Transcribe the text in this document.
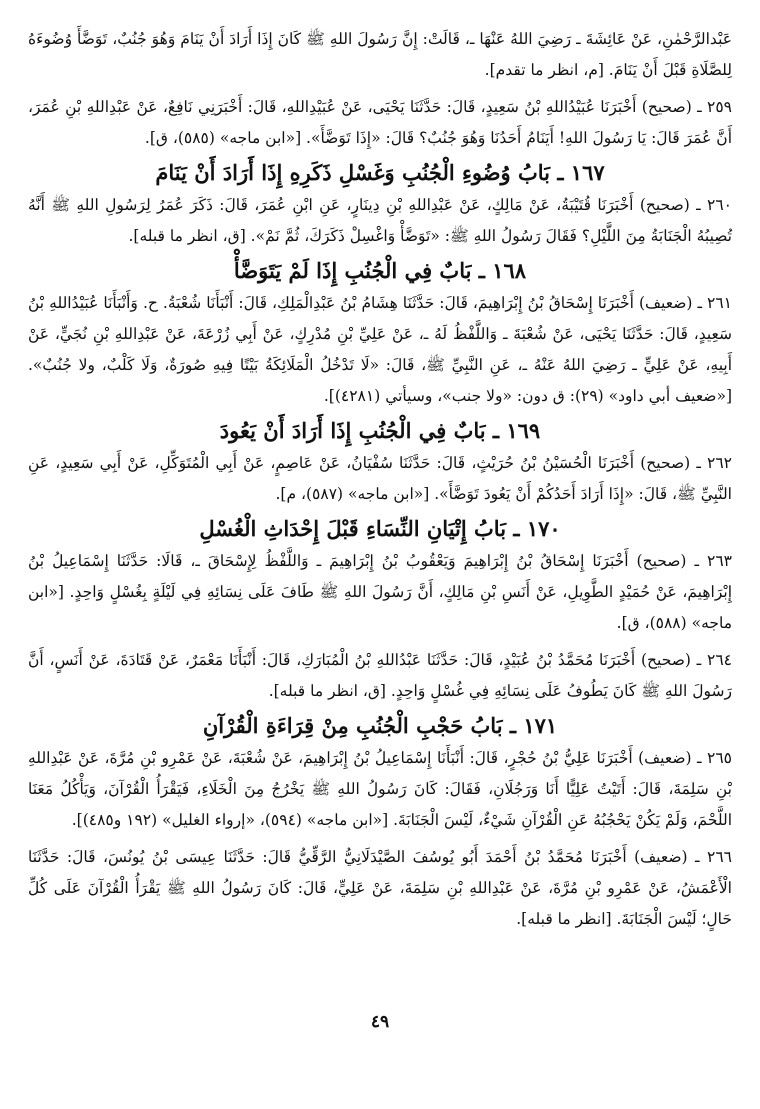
عَبْدالرَّحْمٰنِ، عَنْ عَائِشَةَ ـ رَضِيَ اللهُ عَنْهَا ـ، قَالَتْ: إِنَّ رَسُولَ اللهِ ﷺ كَانَ إِذَا أَرَادَ أَنْ يَنَامَ وَهُوَ جُنُبٌ، تَوَضَّأَ وُضُوءَهُ لِلصَّلَاةِ قَبْلَ أَنْ يَنَامَ. [م، انظر ما تقدم].

٢٥٩ ـ (صحيح) أَخْبَرَنَا عُبَيْدُاللهِ بْنُ سَعِيدٍ، قَالَ: حَدَّثَنَا يَحْيَى، عَنْ عُبَيْدِاللهِ، قَالَ: أَخْبَرَنِي نَافِعٌ، عَنْ عَبْدِاللهِ بْنِ عُمَرَ، أَنَّ عُمَرَ قَالَ: يَا رَسُولَ اللهِ! أَيَنَامُ أَحَدُنَا وَهُوَ جُنُبٌ؟ قَالَ: «إِذَا تَوَضَّأَ». [«ابن ماجه» (٥٨٥)، ق].

١٦٧ ـ بَابُ وُضُوءِ الْجُنُبِ وَغَسْلِ ذَكَرِهِ إِذَا أَرَادَ أَنْ يَنَامَ

٢٦٠ ـ (صحيح) أَخْبَرَنَا قُتَيْبَةُ، عَنْ مَالِكٍ، عَنْ عَبْدِاللهِ بْنِ دِينَارٍ، عَنِ ابْنِ عُمَرَ، قَالَ: ذَكَرَ عُمَرُ لِرَسُولِ اللهِ ﷺ أَنَّهُ تُصِيبُهُ الْجَنَابَةُ مِنَ اللَّيْلِ؟ فَقَالَ رَسُولُ اللهِ ﷺ: «تَوَضَّأْ وَاغْسِلْ ذَكَرَكَ، ثُمَّ نَمْ». [ق، انظر ما قبله].

١٦٨ ـ بَابٌ فِي الْجُنُبِ إِذَا لَمْ يَتَوَضَّأْ

٢٦١ ـ (ضعيف) أَخْبَرَنَا إِسْحَاقُ بْنُ إِبْرَاهِيمَ، قَالَ: حَدَّثَنَا هِشَامُ بْنُ عَبْدِالْمَلِكِ، قَالَ: أَنْبَأَنَا شُعْبَةُ. ح. وَأَنْبَأَنَا عُبَيْدُاللهِ بْنُ سَعِيدٍ، قَالَ: حَدَّثَنَا يَحْيَى، عَنْ شُعْبَةَ ـ وَاللَّفْظُ لَهُ ـ، عَنْ عَلِيِّ بْنِ مُدْرِكٍ، عَنْ أَبِي زُرْعَةَ، عَنْ عَبْدِاللهِ بْنِ نُجَيٍّ، عَنْ أَبِيهِ، عَنْ عَلِيٍّ ـ رَضِيَ اللهُ عَنْهُ ـ، عَنِ النَّبِيِّ ﷺ، قَالَ: «لَا تَدْخُلُ الْمَلَائِكَةُ بَيْتًا فِيهِ صُورَةٌ، وَلَا كَلْبٌ، ولا جُنُبٌ». [«ضعيف أبي داود» (٢٩): ق دون: «ولا جنب»، وسيأتي (٤٢٨١)].

١٦٩ ـ بَابٌ فِي الْجُنُبِ إِذَا أَرَادَ أَنْ يَعُودَ

٢٦٢ ـ (صحيح) أَخْبَرَنَا الْحُسَيْنُ بْنُ حُرَيْثٍ، قَالَ: حَدَّثَنَا سُفْيَانُ، عَنْ عَاصِمٍ، عَنْ أَبِي الْمُتَوَكِّلِ، عَنْ أَبِي سَعِيدٍ، عَنِ النَّبِيِّ ﷺ، قَالَ: «إِذَا أَرَادَ أَحَدُكُمْ أَنْ يَعُودَ تَوَضَّأَ». [«ابن ماجه» (٥٨٧)، م].

١٧٠ ـ بَابُ إِتْيَانِ النِّسَاءِ قَبْلَ إِحْدَاثِ الْغُسْلِ

٢٦٣ ـ (صحيح) أَخْبَرَنَا إِسْحَاقُ بْنُ إِبْرَاهِيمَ وَيَعْقُوبُ بْنُ إِبْرَاهِيمَ ـ وَاللَّفْظُ لِإِسْحَاقَ ـ، قَالَا: حَدَّثَنَا إِسْمَاعِيلُ بْنُ إِبْرَاهِيمَ، عَنْ حُمَيْدٍ الطَّوِيلِ، عَنْ أَنَسِ بْنِ مَالِكٍ، أَنَّ رَسُولَ اللهِ ﷺ طَافَ عَلَى نِسَائِهِ فِي لَيْلَةٍ بِغُسْلٍ وَاحِدٍ. [«ابن ماجه» (٥٨٨)، ق].

٢٦٤ ـ (صحيح) أَخْبَرَنَا مُحَمَّدُ بْنُ عُبَيْدٍ، قَالَ: حَدَّثَنَا عَبْدُاللهِ بْنُ الْمُبَارَكِ، قَالَ: أَنْبَأَنَا مَعْمَرٌ، عَنْ قَتَادَةَ، عَنْ أَنَسٍ، أَنَّ رَسُولَ اللهِ ﷺ كَانَ يَطُوفُ عَلَى نِسَائِهِ فِي غُسْلٍ وَاحِدٍ. [ق، انظر ما قبله].

١٧١ ـ بَابُ حَجْبِ الْجُنُبِ مِنْ قِرَاءَةِ الْقُرْآنِ

٢٦٥ ـ (ضعيف) أَخْبَرَنَا عَلِيُّ بْنُ حُجْرٍ، قَالَ: أَنْبَأَنَا إِسْمَاعِيلُ بْنُ إِبْرَاهِيمَ، عَنْ شُعْبَةَ، عَنْ عَمْرِو بْنِ مُرَّةَ، عَنْ عَبْدِاللهِ بْنِ سَلِمَةَ، قَالَ: أَتَيْتُ عَلِيًّا أَنَا وَرَجُلَانِ، فَقَالَ: كَانَ رَسُولُ اللهِ ﷺ يَخْرُجُ مِنَ الْخَلَاءِ، فَيَقْرَأُ الْقُرْآنَ، وَيَأْكُلُ مَعَنَا اللَّحْمَ، وَلَمْ يَكُنْ يَحْجُبُهُ عَنِ الْقُرْآنِ شَيْءٌ، لَيْسَ الْجَنَابَةَ. [«ابن ماجه» (٥٩٤)، «إرواء الغليل» (١٩٢ و٤٨٥)].

٢٦٦ ـ (ضعيف) أَخْبَرَنَا مُحَمَّدُ بْنُ أَحْمَدَ أَبُو يُوسُفَ الصَّيْدَلَانِيُّ الرَّقِّيُّ قَالَ: حَدَّثَنَا عِيسَى بْنُ يُونُسَ، قَالَ: حَدَّثَنَا الْأَعْمَشُ، عَنْ عَمْرِو بْنِ مُرَّةَ، عَنْ عَبْدِاللهِ بْنِ سَلِمَةَ، عَنْ عَلِيٍّ، قَالَ: كَانَ رَسُولُ اللهِ ﷺ يَقْرَأُ الْقُرْآنَ عَلَى كُلِّ حَالٍ؛ لَيْسَ الْجَنَابَةَ. [انظر ما قبله].

٤٩
